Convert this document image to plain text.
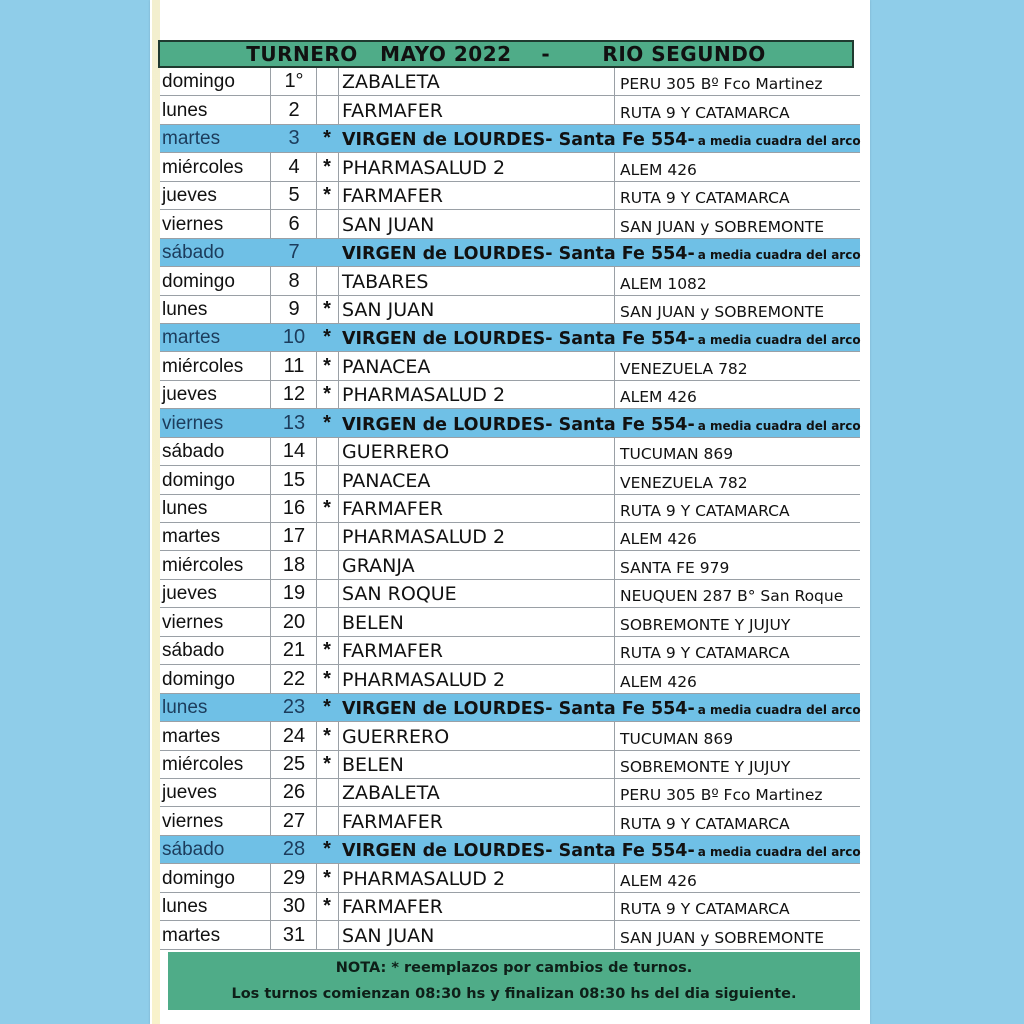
TURNERO   MAYO 2022    -       RIO SEGUNDO
domingo	1°	ZABALETA	PERU 305 Bº Fco Martinez
lunes	2	FARMAFER	RUTA 9 Y CATAMARCA
martes	3	* VIRGEN de LOURDES- Santa Fe 554- a media cuadra del arco
miércoles	4	* PHARMASALUD 2	ALEM 426
jueves	5	* FARMAFER	RUTA 9 Y CATAMARCA
viernes	6	SAN JUAN	SAN JUAN y SOBREMONTE
sábado	7	VIRGEN de LOURDES- Santa Fe 554- a media cuadra del arco
domingo	8	TABARES	ALEM 1082
lunes	9	* SAN JUAN	SAN JUAN y SOBREMONTE
martes	10 * VIRGEN de LOURDES- Santa Fe 554- a media cuadra del arco
miércoles	11 * PANACEA	VENEZUELA 782
jueves	12 * PHARMASALUD 2	ALEM 426
viernes	13 * VIRGEN de LOURDES- Santa Fe 554- a media cuadra del arco
sábado	14	GUERRERO	TUCUMAN 869
domingo	15	PANACEA	VENEZUELA 782
lunes	16 * FARMAFER	RUTA 9 Y CATAMARCA
martes	17	PHARMASALUD 2	ALEM 426
miércoles	18	GRANJA	SANTA FE 979
jueves	19	SAN ROQUE	NEUQUEN 287 B° San Roque
viernes	20	BELEN	SOBREMONTE Y JUJUY
sábado	21 * FARMAFER	RUTA 9 Y CATAMARCA
domingo	22 * PHARMASALUD 2	ALEM 426
lunes	23 * VIRGEN de LOURDES- Santa Fe 554- a media cuadra del arco
martes	24 * GUERRERO	TUCUMAN 869
miércoles	25 * BELEN	SOBREMONTE Y JUJUY
jueves	26	ZABALETA	PERU 305 Bº Fco Martinez
viernes	27	FARMAFER	RUTA 9 Y CATAMARCA
sábado	28 * VIRGEN de LOURDES- Santa Fe 554- a media cuadra del arco
domingo	29 * PHARMASALUD 2	ALEM 426
lunes	30 * FARMAFER	RUTA 9 Y CATAMARCA
martes	31	SAN JUAN	SAN JUAN y SOBREMONTE
NOTA: * reemplazos por cambios de turnos.
Los turnos comienzan 08:30 hs y finalizan 08:30 hs del dia siguiente.
